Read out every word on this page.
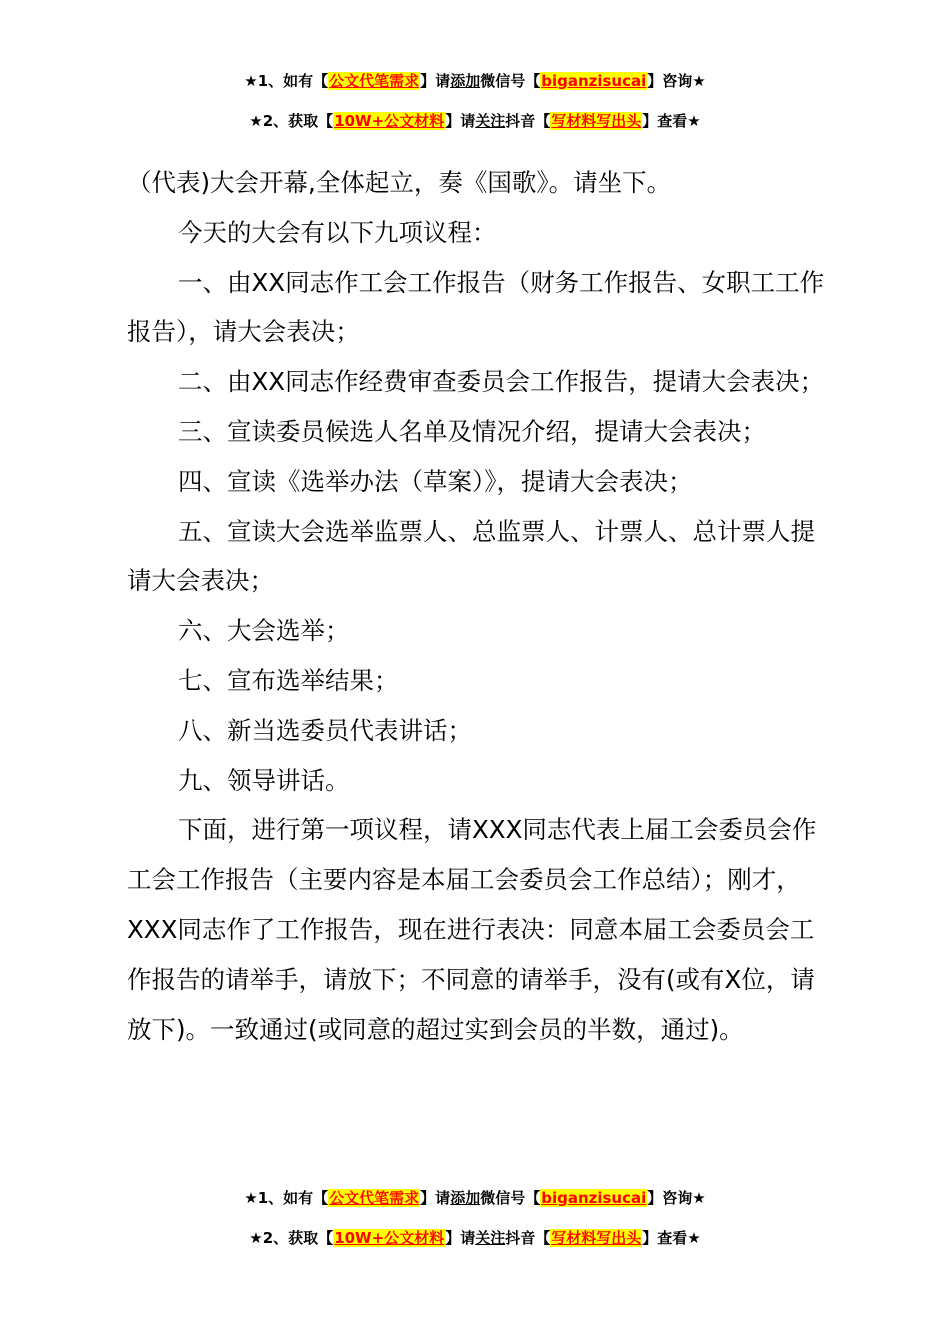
★1、如有【公文代笔需求】请添加微信号【biganzisucai】咨询★
★2、获取【10W+公文材料】请关注抖音【写材料写出头】查看★

（代表)大会开幕,全体起立，奏《国歌》。请坐下。

今天的大会有以下九项议程：

一、由XX同志作工会工作报告（财务工作报告、女职工工作报告），请大会表决；

二、由XX同志作经费审查委员会工作报告，提请大会表决；

三、宣读委员候选人名单及情况介绍，提请大会表决；

四、宣读《选举办法（草案）》，提请大会表决；

五、宣读大会选举监票人、总监票人、计票人、总计票人提请大会表决；

六、大会选举；

七、宣布选举结果；

八、新当选委员代表讲话；

九、领导讲话。

下面，进行第一项议程，请XXX同志代表上届工会委员会作工会工作报告（主要内容是本届工会委员会工作总结）；刚才，XXX同志作了工作报告，现在进行表决：同意本届工会委员会工作报告的请举手，请放下；不同意的请举手，没有(或有X位，请放下)。一致通过(或同意的超过实到会员的半数，通过)。

★1、如有【公文代笔需求】请添加微信号【biganzisucai】咨询★
★2、获取【10W+公文材料】请关注抖音【写材料写出头】查看★
